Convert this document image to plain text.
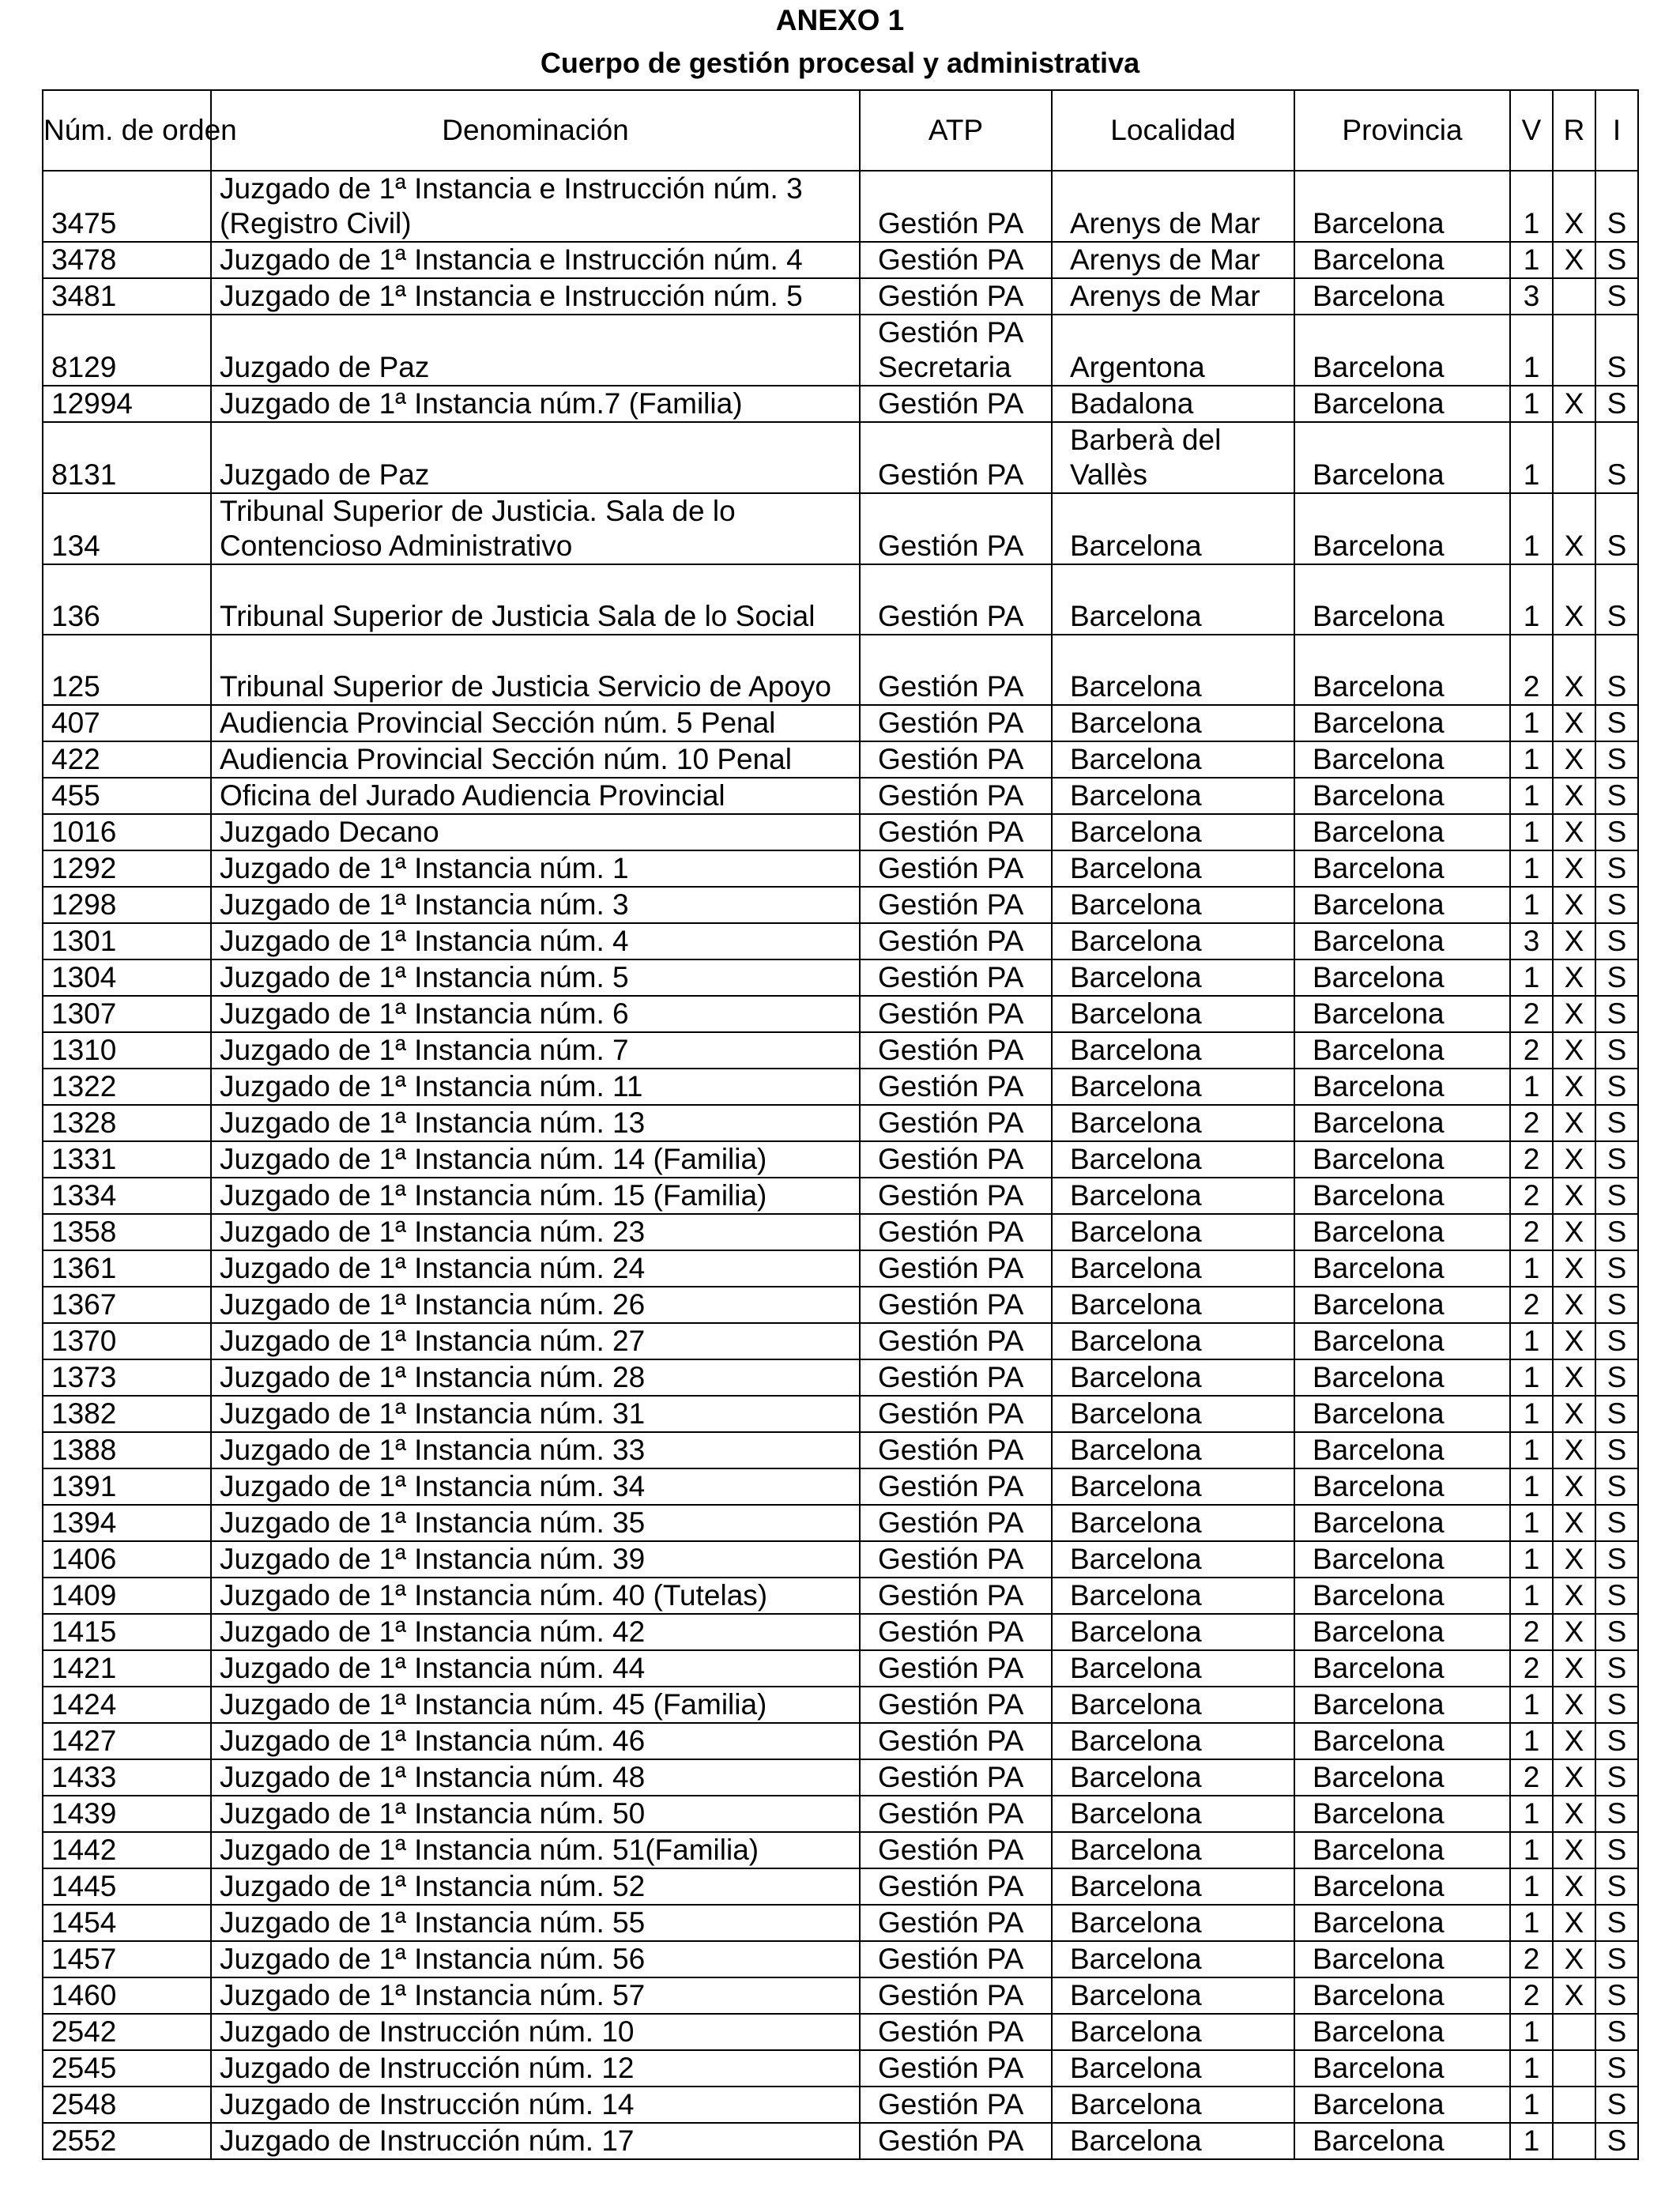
ANEXO 1
Cuerpo de gestión procesal y administrativa
Núm. de orden	Denominación	ATP	Localidad	Provincia	V	R	I
3475	Juzgado de 1ª Instancia e Instrucción núm. 3 (Registro Civil)	Gestión PA	Arenys de Mar	Barcelona	1	X	S
3478	Juzgado de 1ª Instancia e Instrucción núm. 4	Gestión PA	Arenys de Mar	Barcelona	1	X	S
3481	Juzgado de 1ª Instancia e Instrucción núm. 5	Gestión PA	Arenys de Mar	Barcelona	3		S
8129	Juzgado de Paz	Gestión PA Secretaria	Argentona	Barcelona	1		S
12994	Juzgado de 1ª Instancia núm.7 (Familia)	Gestión PA	Badalona	Barcelona	1	X	S
8131	Juzgado de Paz	Gestión PA	Barberà del Vallès	Barcelona	1		S
134	Tribunal Superior de Justicia. Sala de lo Contencioso Administrativo	Gestión PA	Barcelona	Barcelona	1	X	S
136	Tribunal Superior de Justicia Sala de lo Social	Gestión PA	Barcelona	Barcelona	1	X	S
125	Tribunal Superior de Justicia Servicio de Apoyo	Gestión PA	Barcelona	Barcelona	2	X	S
407	Audiencia Provincial Sección núm. 5 Penal	Gestión PA	Barcelona	Barcelona	1	X	S
422	Audiencia Provincial Sección núm. 10 Penal	Gestión PA	Barcelona	Barcelona	1	X	S
455	Oficina del Jurado Audiencia Provincial	Gestión PA	Barcelona	Barcelona	1	X	S
1016	Juzgado Decano	Gestión PA	Barcelona	Barcelona	1	X	S
1292	Juzgado de 1ª Instancia núm. 1	Gestión PA	Barcelona	Barcelona	1	X	S
1298	Juzgado de 1ª Instancia núm. 3	Gestión PA	Barcelona	Barcelona	1	X	S
1301	Juzgado de 1ª Instancia núm. 4	Gestión PA	Barcelona	Barcelona	3	X	S
1304	Juzgado de 1ª Instancia núm. 5	Gestión PA	Barcelona	Barcelona	1	X	S
1307	Juzgado de 1ª Instancia núm. 6	Gestión PA	Barcelona	Barcelona	2	X	S
1310	Juzgado de 1ª Instancia núm. 7	Gestión PA	Barcelona	Barcelona	2	X	S
1322	Juzgado de 1ª Instancia núm. 11	Gestión PA	Barcelona	Barcelona	1	X	S
1328	Juzgado de 1ª Instancia núm. 13	Gestión PA	Barcelona	Barcelona	2	X	S
1331	Juzgado de 1ª Instancia núm. 14 (Familia)	Gestión PA	Barcelona	Barcelona	2	X	S
1334	Juzgado de 1ª Instancia núm. 15 (Familia)	Gestión PA	Barcelona	Barcelona	2	X	S
1358	Juzgado de 1ª Instancia núm. 23	Gestión PA	Barcelona	Barcelona	2	X	S
1361	Juzgado de 1ª Instancia núm. 24	Gestión PA	Barcelona	Barcelona	1	X	S
1367	Juzgado de 1ª Instancia núm. 26	Gestión PA	Barcelona	Barcelona	2	X	S
1370	Juzgado de 1ª Instancia núm. 27	Gestión PA	Barcelona	Barcelona	1	X	S
1373	Juzgado de 1ª Instancia núm. 28	Gestión PA	Barcelona	Barcelona	1	X	S
1382	Juzgado de 1ª Instancia núm. 31	Gestión PA	Barcelona	Barcelona	1	X	S
1388	Juzgado de 1ª Instancia núm. 33	Gestión PA	Barcelona	Barcelona	1	X	S
1391	Juzgado de 1ª Instancia núm. 34	Gestión PA	Barcelona	Barcelona	1	X	S
1394	Juzgado de 1ª Instancia núm. 35	Gestión PA	Barcelona	Barcelona	1	X	S
1406	Juzgado de 1ª Instancia núm. 39	Gestión PA	Barcelona	Barcelona	1	X	S
1409	Juzgado de 1ª Instancia núm. 40 (Tutelas)	Gestión PA	Barcelona	Barcelona	1	X	S
1415	Juzgado de 1ª Instancia núm. 42	Gestión PA	Barcelona	Barcelona	2	X	S
1421	Juzgado de 1ª Instancia núm. 44	Gestión PA	Barcelona	Barcelona	2	X	S
1424	Juzgado de 1ª Instancia núm. 45 (Familia)	Gestión PA	Barcelona	Barcelona	1	X	S
1427	Juzgado de 1ª Instancia núm. 46	Gestión PA	Barcelona	Barcelona	1	X	S
1433	Juzgado de 1ª Instancia núm. 48	Gestión PA	Barcelona	Barcelona	2	X	S
1439	Juzgado de 1ª Instancia núm. 50	Gestión PA	Barcelona	Barcelona	1	X	S
1442	Juzgado de 1ª Instancia núm. 51(Familia)	Gestión PA	Barcelona	Barcelona	1	X	S
1445	Juzgado de 1ª Instancia núm. 52	Gestión PA	Barcelona	Barcelona	1	X	S
1454	Juzgado de 1ª Instancia núm. 55	Gestión PA	Barcelona	Barcelona	1	X	S
1457	Juzgado de 1ª Instancia núm. 56	Gestión PA	Barcelona	Barcelona	2	X	S
1460	Juzgado de 1ª Instancia núm. 57	Gestión PA	Barcelona	Barcelona	2	X	S
2542	Juzgado de Instrucción núm. 10	Gestión PA	Barcelona	Barcelona	1		S
2545	Juzgado de Instrucción núm. 12	Gestión PA	Barcelona	Barcelona	1		S
2548	Juzgado de Instrucción núm. 14	Gestión PA	Barcelona	Barcelona	1		S
2552	Juzgado de Instrucción núm. 17	Gestión PA	Barcelona	Barcelona	1		S
